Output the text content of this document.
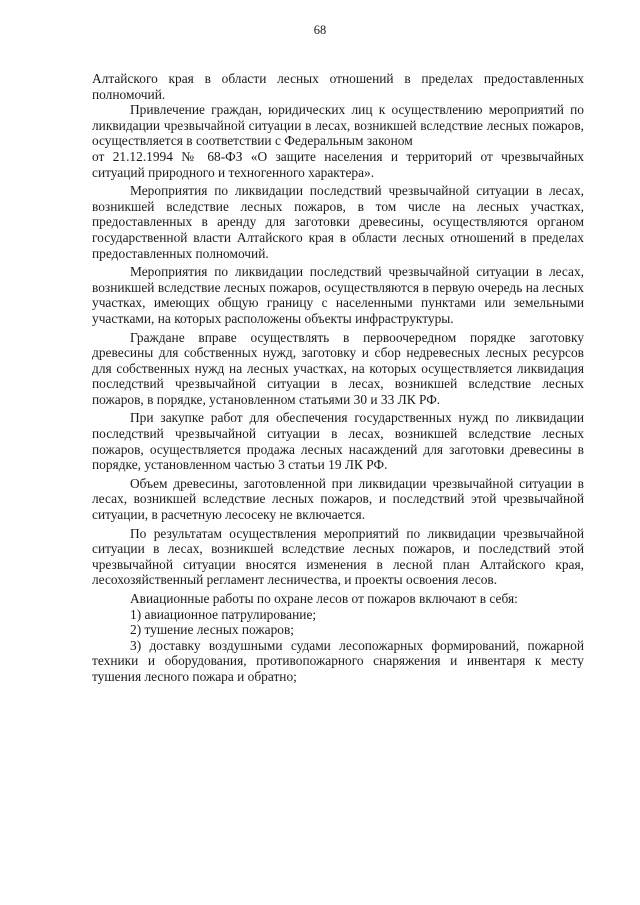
68

Алтайского края в области лесных отношений в пределах предоставленных полномочий.

Привлечение граждан, юридических лиц к осуществлению мероприятий по ликвидации чрезвычайной ситуации в лесах, возникшей вследствие лесных пожаров, осуществляется в соответствии с Федеральным законом

от 21.12.1994 № 68-ФЗ «О защите населения и территорий от чрезвычайных ситуаций природного и техногенного характера».

Мероприятия по ликвидации последствий чрезвычайной ситуации в лесах, возникшей вследствие лесных пожаров, в том числе на лесных участках, предоставленных в аренду для заготовки древесины, осуществляются органом государственной власти Алтайского края в области лесных отношений в пределах предоставленных полномочий.

Мероприятия по ликвидации последствий чрезвычайной ситуации в лесах, возникшей вследствие лесных пожаров, осуществляются в первую очередь на лесных участках, имеющих общую границу с населенными пунктами или земельными участками, на которых расположены объекты инфраструктуры.

Граждане вправе осуществлять в первоочередном порядке заготовку древесины для собственных нужд, заготовку и сбор недревесных лесных ресурсов для собственных нужд на лесных участках, на которых осуществляется ликвидация последствий чрезвычайной ситуации в лесах, возникшей вследствие лесных пожаров, в порядке, установленном статьями 30 и 33 ЛК РФ.

При закупке работ для обеспечения государственных нужд по ликвидации последствий чрезвычайной ситуации в лесах, возникшей вследствие лесных пожаров, осуществляется продажа лесных насаждений для заготовки древесины в порядке, установленном частью 3 статьи 19 ЛК РФ.

Объем древесины, заготовленной при ликвидации чрезвычайной ситуации в лесах, возникшей вследствие лесных пожаров, и последствий этой чрезвычайной ситуации, в расчетную лесосеку не включается.

По результатам осуществления мероприятий по ликвидации чрезвычайной ситуации в лесах, возникшей вследствие лесных пожаров, и последствий этой чрезвычайной ситуации вносятся изменения в лесной план Алтайского края, лесохозяйственный регламент лесничества, и проекты освоения лесов.

Авиационные работы по охране лесов от пожаров включают в себя:

1) авиационное патрулирование;

2) тушение лесных пожаров;

3) доставку воздушными судами лесопожарных формирований, пожарной техники и оборудования, противопожарного снаряжения и инвентаря к месту тушения лесного пожара и обратно;
